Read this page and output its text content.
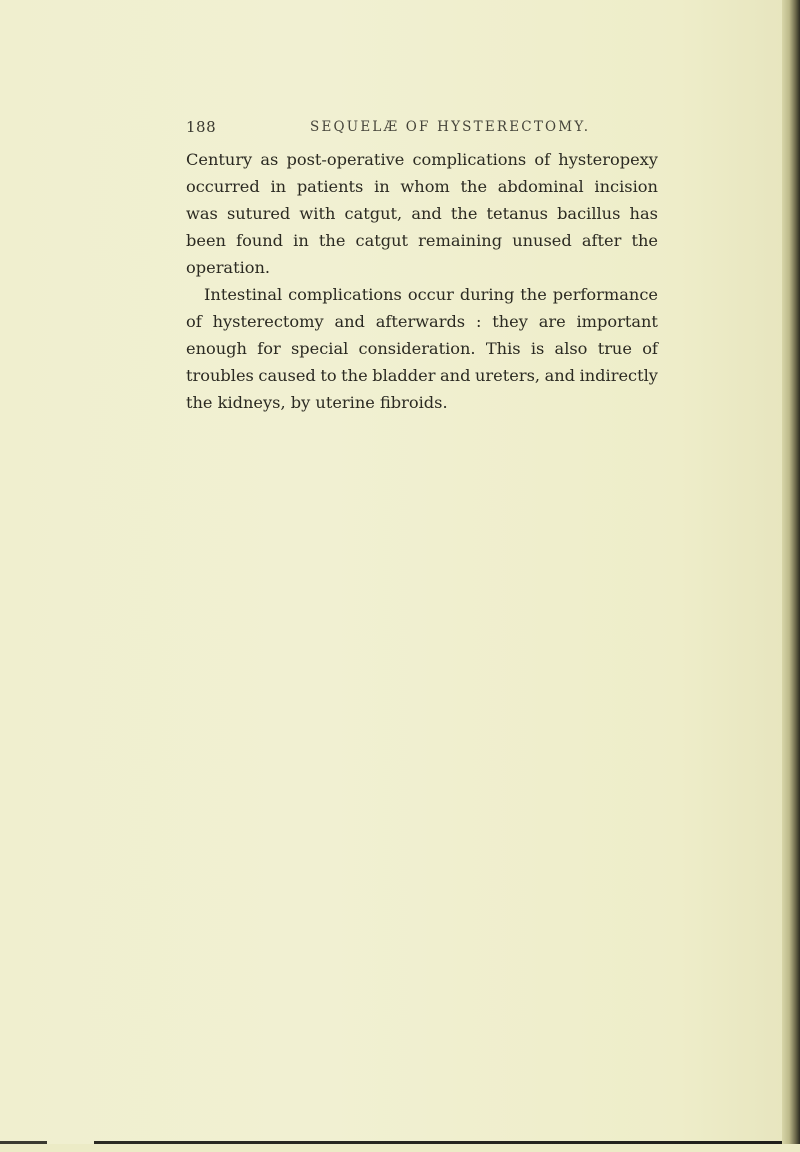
188	SEQUELÆ OF HYSTERECTOMY.
Century as post-operative complications of hysteropexy
occurred in patients in whom the abdominal incision
was sutured with catgut, and the tetanus bacillus has
been found in the catgut remaining unused after the
operation.
Intestinal complications occur during the performance
of hysterectomy and afterwards : they are important
enough for special consideration. This is also true of
troubles caused to the bladder and ureters, and indirectly
the kidneys, by uterine fibroids.
